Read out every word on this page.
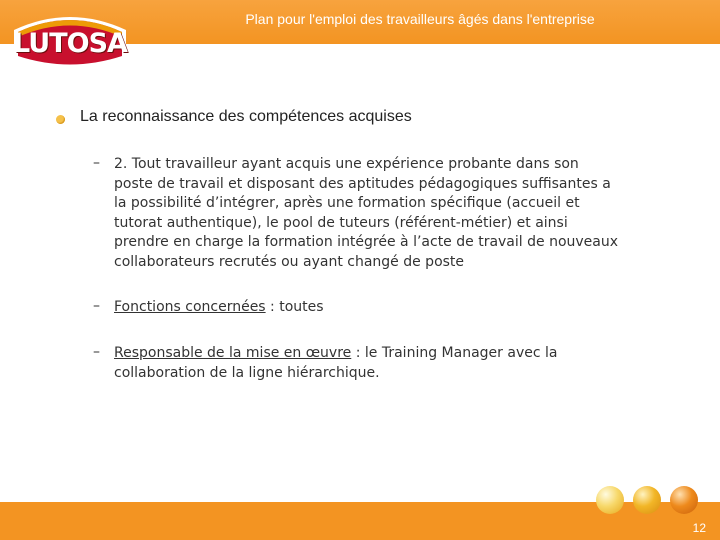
Plan pour l'emploi des travailleurs âgés dans l'entreprise
LUTOSA
La reconnaissance des compétences acquises
– 2. Tout travailleur ayant acquis une expérience probante dans son
poste de travail et disposant des aptitudes pédagogiques suffisantes a
la possibilité d’intégrer, après une formation spécifique (accueil et
tutorat authentique), le pool de tuteurs (référent-métier) et ainsi
prendre en charge la formation intégrée à l’acte de travail de nouveaux
collaborateurs recrutés ou ayant changé de poste
– Fonctions concernées : toutes
– Responsable de la mise en œuvre : le Training Manager avec la
collaboration de la ligne hiérarchique.
12
